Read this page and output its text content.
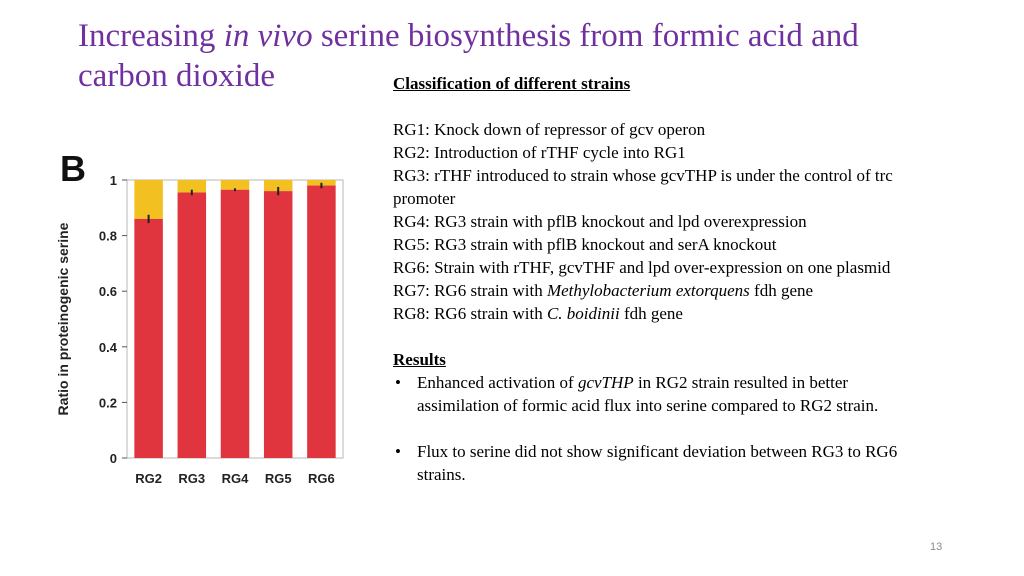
Increasing in vivo serine biosynthesis from formic acid and carbon dioxide
B
Ratio in proteinogenic serine
0
0.2
0.4
0.6
0.8
1
RG2 RG3 RG4 RG5 RG6
Classification of different strains
RG1: Knock down of repressor of gcv operon
RG2: Introduction of rTHF cycle into RG1
RG3: rTHF introduced to strain whose gcvTHP is under the control of trc promoter
RG4: RG3 strain with pflB knockout and lpd overexpression
RG5: RG3 strain with pflB knockout and serA knockout
RG6: Strain with rTHF, gcvTHF and lpd over-expression on one plasmid
RG7: RG6 strain with Methylobacterium extorquens fdh gene
RG8: RG6 strain with C. boidinii fdh gene
Results
• Enhanced activation of gcvTHP in RG2 strain resulted in better assimilation of formic acid flux into serine compared to RG2 strain.
• Flux to serine did not show significant deviation between RG3 to RG6 strains.
13
